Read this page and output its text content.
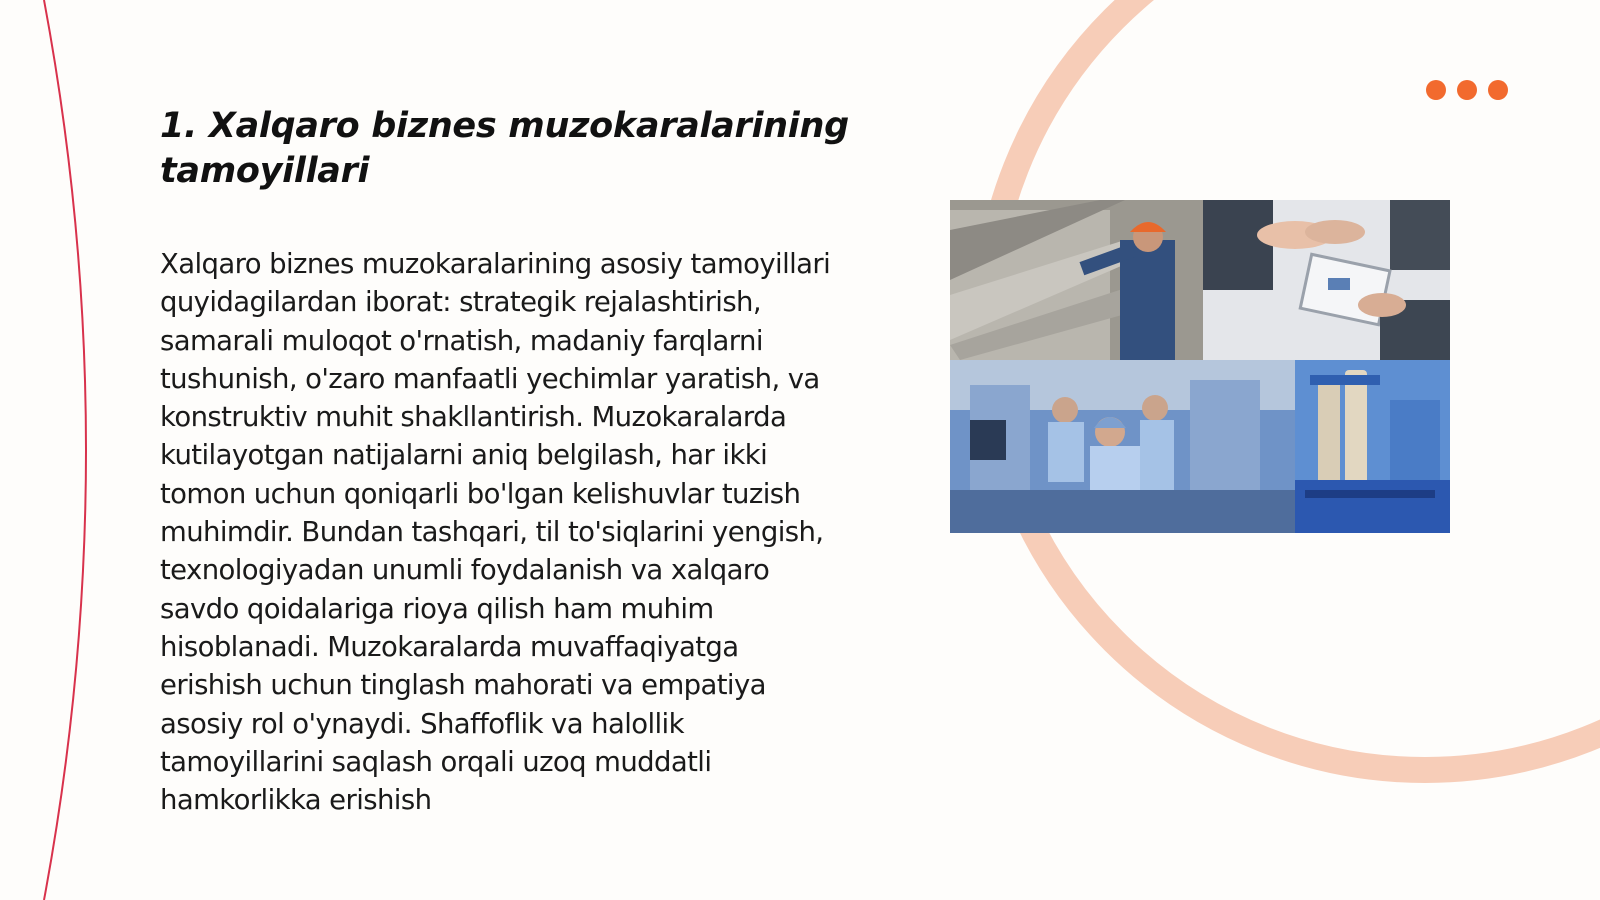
1. Xalqaro biznes muzokaralarining tamoyillari

Xalqaro biznes muzokaralarining asosiy tamoyillari quyidagilardan iborat: strategik rejalashtirish, samarali muloqot o'rnatish, madaniy farqlarni tushunish, o'zaro manfaatli yechimlar yaratish, va konstruktiv muhit shakllantirish. Muzokaralarda kutilayotgan natijalarni aniq belgilash, har ikki tomon uchun qoniqarli bo'lgan kelishuvlar tuzish muhimdir. Bundan tashqari, til to'siqlarini yengish, texnologiyadan unumli foydalanish va xalqaro savdo qoidalariga rioya qilish ham muhim hisoblanadi. Muzokaralarda muvaffaqiyatga erishish uchun tinglash mahorati va empatiya asosiy rol o'ynaydi. Shaffoflik va halollik tamoyillarini saqlash orqali uzoq muddatli hamkorlikka erishish
